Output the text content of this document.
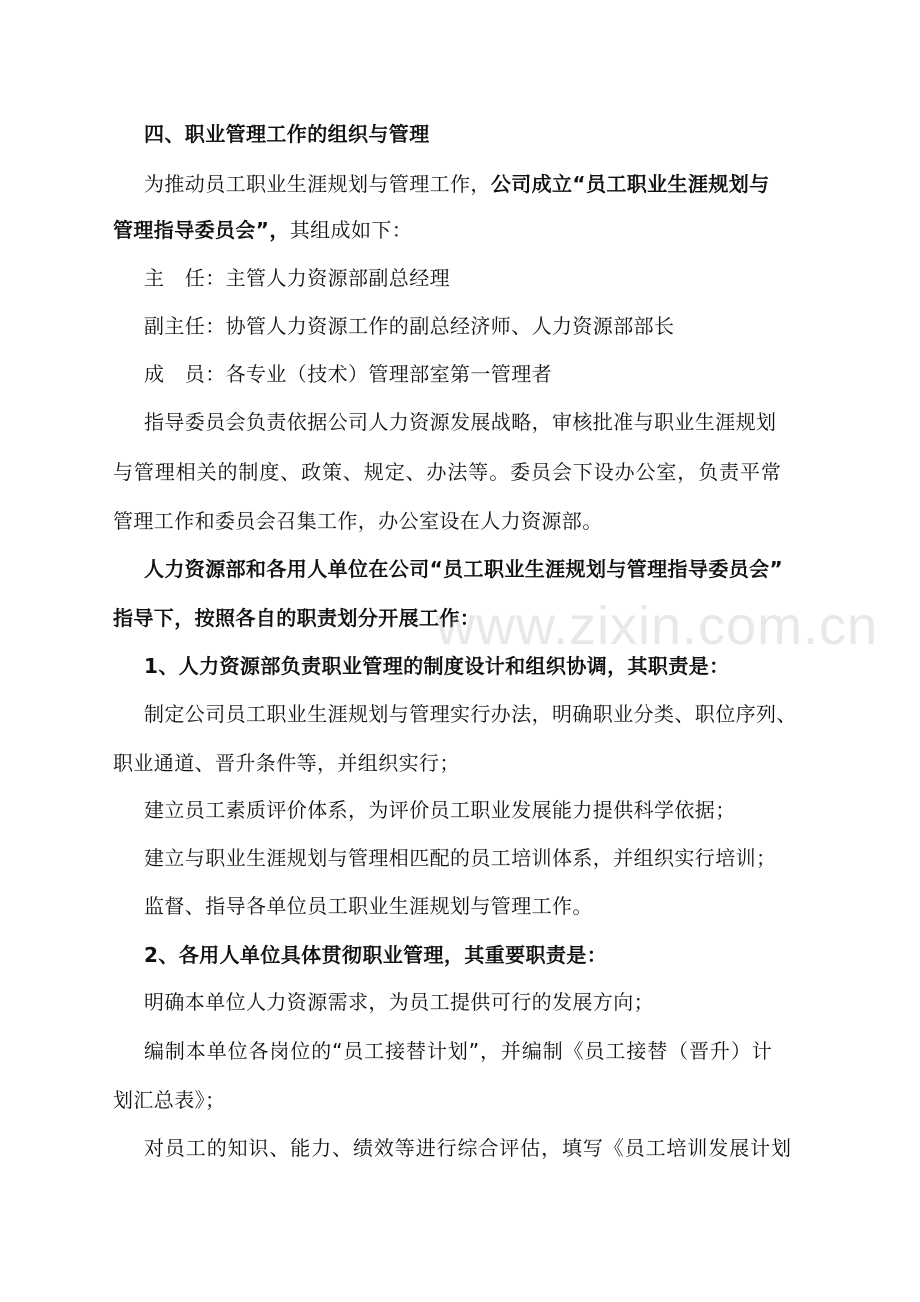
四、职业管理工作的组织与管理
为推动员工职业生涯规划与管理工作，公司成立“员工职业生涯规划与
管理指导委员会”，其组成如下：
主　任：主管人力资源部副总经理
副主任：协管人力资源工作的副总经济师、人力资源部部长
成　员：各专业（技术）管理部室第一管理者
指导委员会负责依据公司人力资源发展战略，审核批准与职业生涯规划
与管理相关的制度、政策、规定、办法等。委员会下设办公室，负责平常
管理工作和委员会召集工作，办公室设在人力资源部。
人力资源部和各用人单位在公司“员工职业生涯规划与管理指导委员会”
指导下，按照各自的职责划分开展工作：
1、人力资源部负责职业管理的制度设计和组织协调，其职责是：
制定公司员工职业生涯规划与管理实行办法，明确职业分类、职位序列、
职业通道、晋升条件等，并组织实行；
建立员工素质评价体系，为评价员工职业发展能力提供科学依据；
建立与职业生涯规划与管理相匹配的员工培训体系，并组织实行培训；
监督、指导各单位员工职业生涯规划与管理工作。
2、各用人单位具体贯彻职业管理，其重要职责是：
明确本单位人力资源需求，为员工提供可行的发展方向；
编制本单位各岗位的“员工接替计划”，并编制《员工接替（晋升）计
划汇总表》；
对员工的知识、能力、绩效等进行综合评估，填写《员工培训发展计划
www.zixin.com.cn
